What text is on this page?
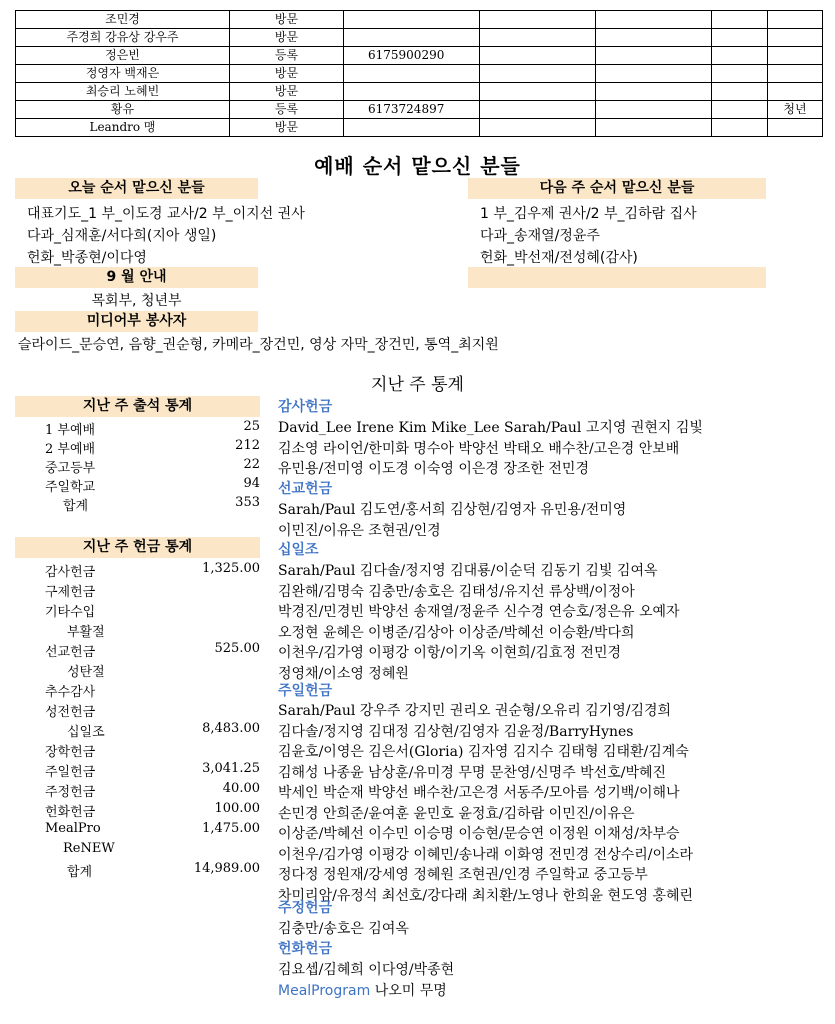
조민경	방문					
주경희 강유상 강우주	방문					
정은빈	등록	6175900290				
정영자 백재은	방문					
최승리 노혜빈	방문					
황유	등록	6173724897				청년
Leandro 맹	방문					
예배 순서 맡으신 분들
오늘 순서 맡으신 분들	다음 주 순서 맡으신 분들
대표기도_1 부_이도경 교사/2 부_이지선 권사
다과_심재훈/서다희(지아 생일)
헌화_박종현/이다영
1 부_김우제 권사/2 부_김하람 집사
다과_송재열/정윤주
헌화_박선재/전성혜(감사)
9 월 안내
목회부, 청년부
미디어부 봉사자
슬라이드_문승연, 음향_권순형, 카메라_장건민, 영상 자막_장건민, 통역_최지원
지난 주 통계
지난 주 출석 통계
1 부예배	25
2 부예배	212
중고등부	22
주일학교	94
합계	353
지난 주 헌금 통계
감사헌금	1,325.00
구제헌금
기타수입
부활절
선교헌금	525.00
성탄절
추수감사
성전헌금
십일조	8,483.00
장학헌금
주일헌금	3,041.25
주정헌금	40.00
헌화헌금	100.00
MealPro	1,475.00
ReNEW
합계	14,989.00
감사헌금
David_Lee Irene Kim Mike_Lee Sarah/Paul 고지영 권현지 김빛
김소영 라이언/한미화 명수아 박양선 박태오 배수찬/고은경 안보배
유민용/전미영 이도경 이숙영 이은경 장조한 전민경
선교헌금
Sarah/Paul 김도연/홍서희 김상현/김영자 유민용/전미영
이민진/이유은 조현권/인경
십일조
Sarah/Paul 김다솔/정지영 김대룡/이순덕 김동기 김빛 김여옥
김완해/김명숙 김충만/송호은 김태성/유지선 류상백/이정아
박경진/민경빈 박양선 송재열/정윤주 신수경 연승호/정은유 오예자
오정현 윤혜은 이병준/김상아 이상준/박혜선 이승환/박다희
이천우/김가영 이평강 이항/이기옥 이현희/김효정 전민경
정영채/이소영 정혜원
주일헌금
Sarah/Paul 강우주 강지민 권리오 권순형/오유리 김기영/김경희
김다솔/정지영 김대정 김상현/김영자 김윤정/BarryHynes
김윤호/이영은 김은서(Gloria) 김자영 김지수 김태형 김태환/김계숙
김해성 나종윤 남상훈/유미경 무명 문찬영/신명주 박선호/박혜진
박세인 박순재 박양선 배수찬/고은경 서동주/모아름 성기백/이해나
손민경 안희준/윤여훈 윤민호 윤정효/김하람 이민진/이유은
이상준/박혜선 이수민 이승명 이승현/문승연 이정원 이채성/차부승
이천우/김가영 이평강 이혜민/송나래 이화영 전민경 전상수리/이소라
정다정 정원재/강세영 정혜원 조현권/인경 주일학교 중고등부
차미리암/유정석 최선호/강다래 최치환/노영나 한희윤 현도영 홍혜린
주정헌금
김충만/송호은 김여옥
헌화헌금
김요셉/김혜희 이다영/박종현
MealProgram 나오미 무명
